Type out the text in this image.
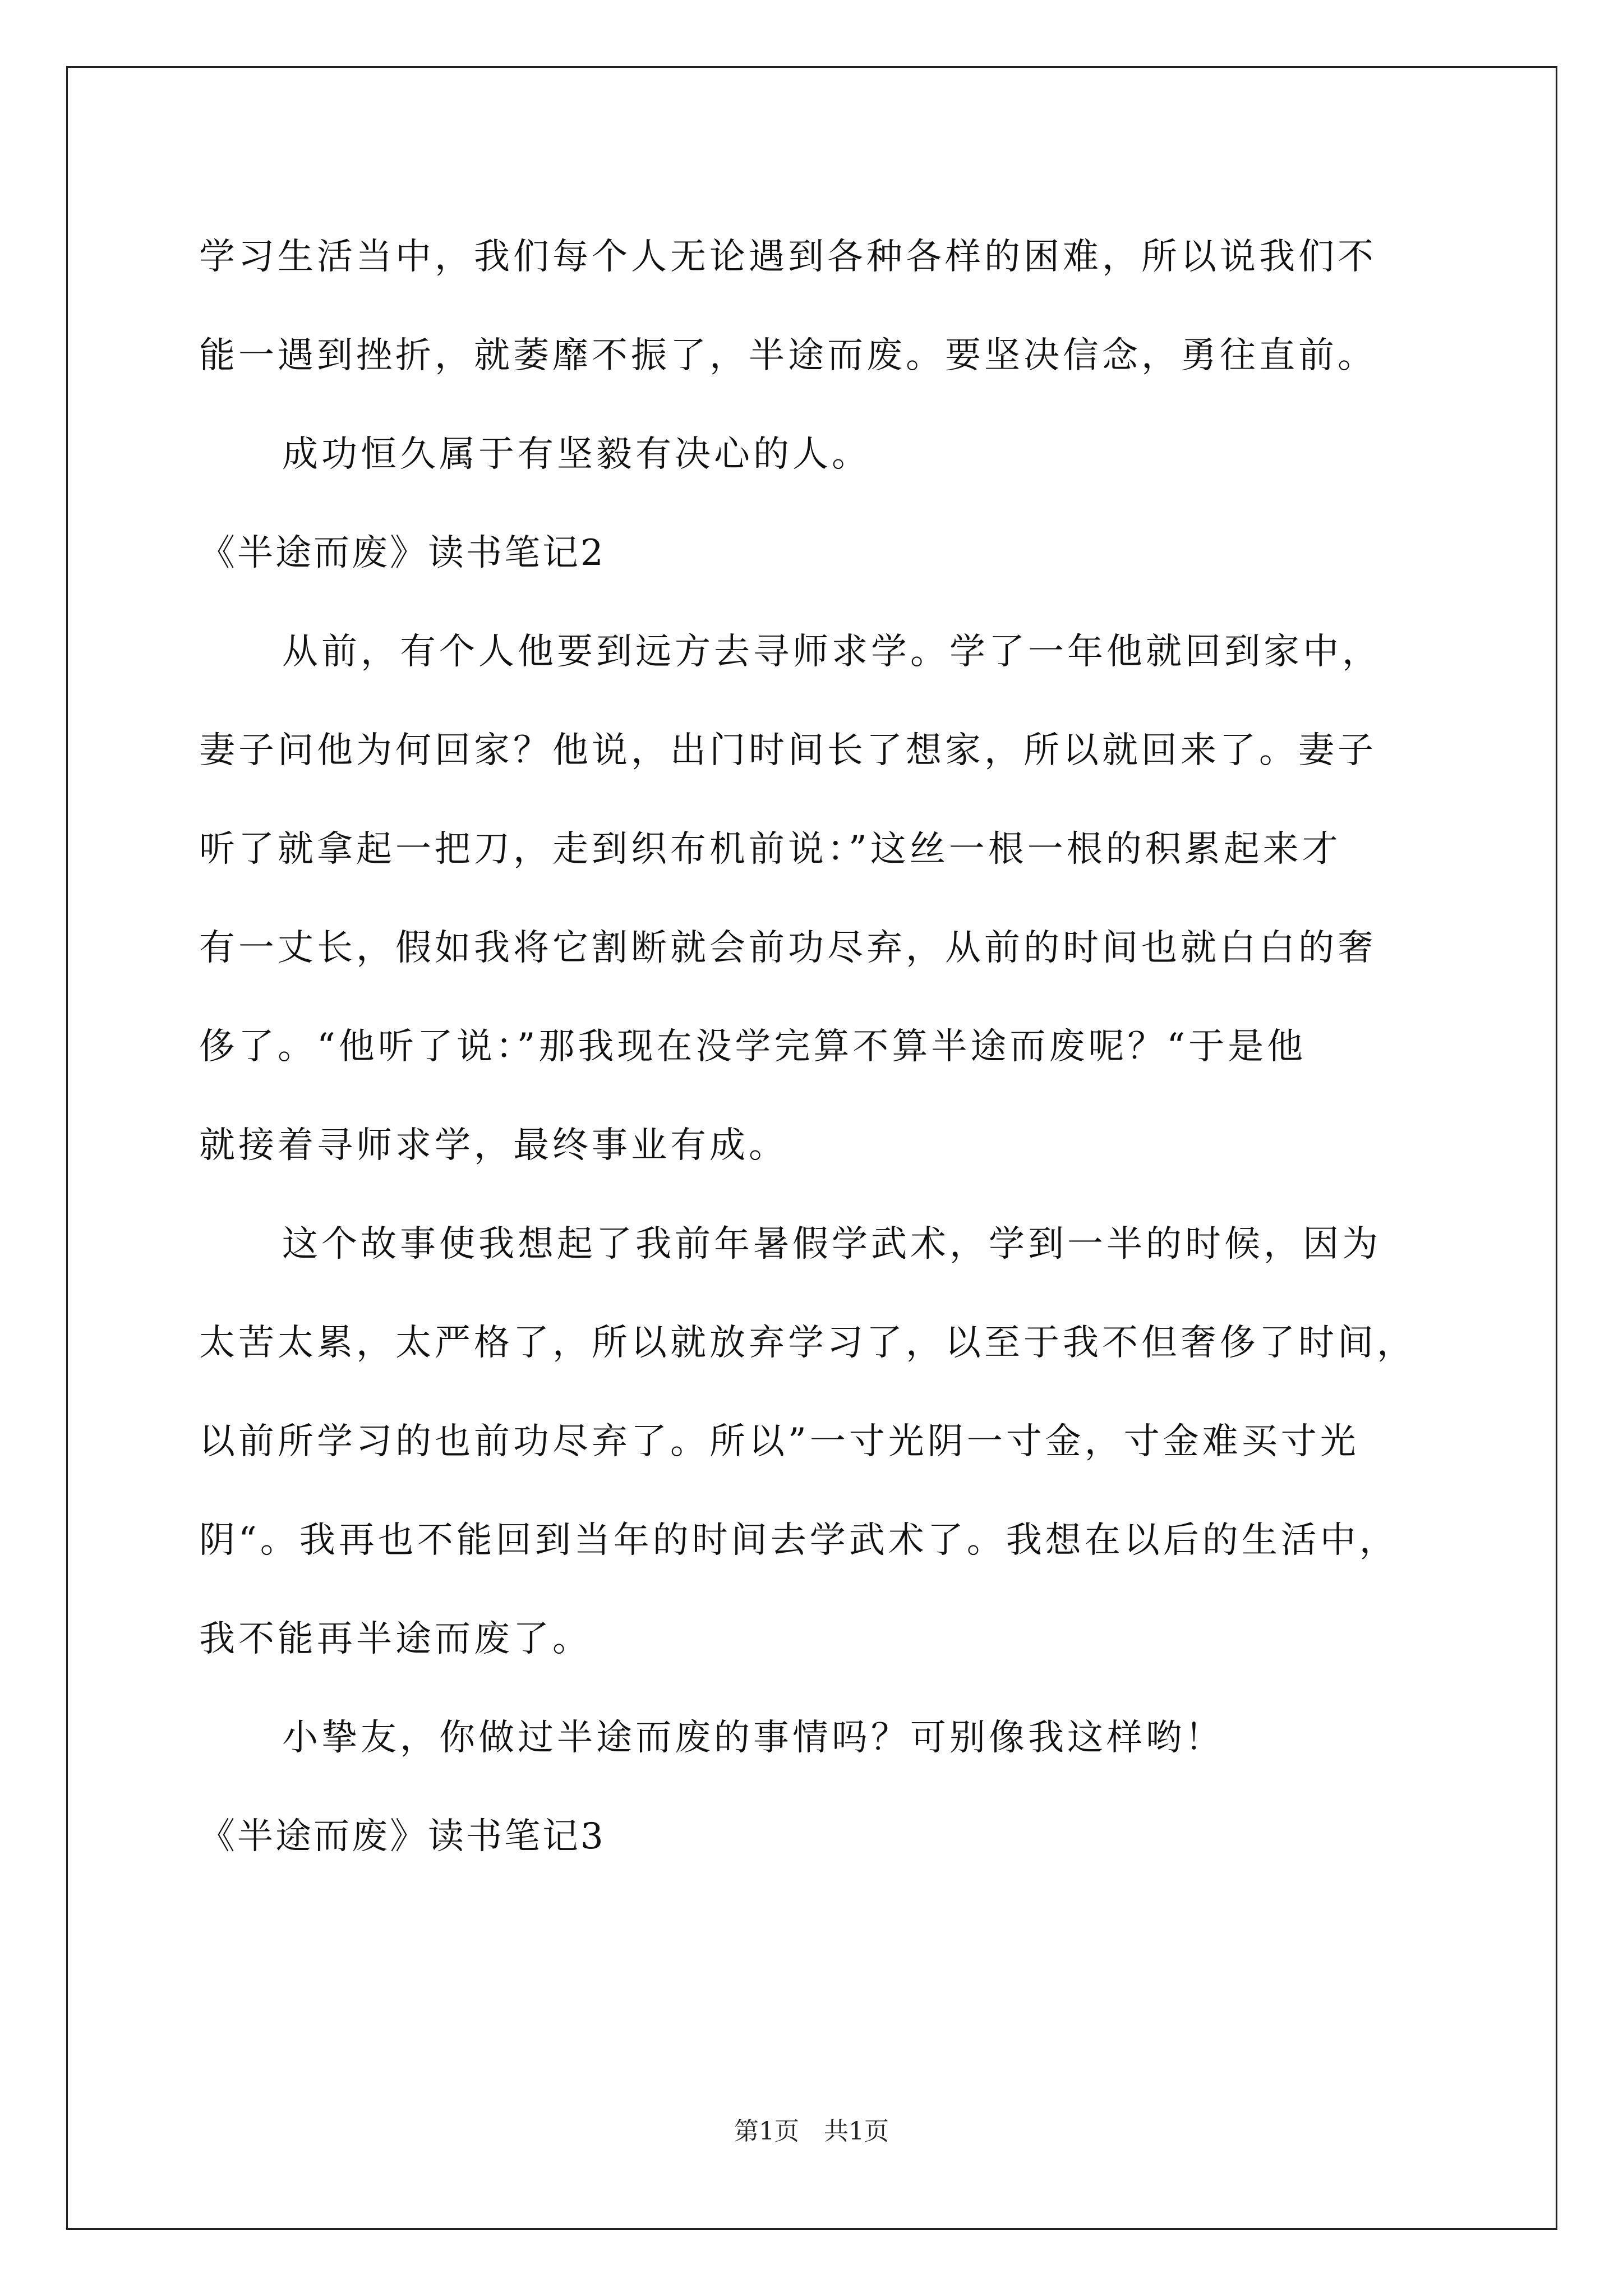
学习生活当中，我们每个人无论遇到各种各样的困难，所以说我们不
能一遇到挫折，就萎靡不振了，半途而废。要坚决信念，勇往直前。
成功恒久属于有坚毅有决心的人。
《半途而废》读书笔记2
从前，有个人他要到远方去寻师求学。学了一年他就回到家中，
妻子问他为何回家？他说，出门时间长了想家，所以就回来了。妻子
听了就拿起一把刀，走到织布机前说：”这丝一根一根的积累起来才
有一丈长，假如我将它割断就会前功尽弃，从前的时间也就白白的奢
侈了。“他听了说：”那我现在没学完算不算半途而废呢？“于是他
就接着寻师求学，最终事业有成。
这个故事使我想起了我前年暑假学武术，学到一半的时候，因为
太苦太累，太严格了，所以就放弃学习了，以至于我不但奢侈了时间，
以前所学习的也前功尽弃了。所以”一寸光阴一寸金，寸金难买寸光
阴“。我再也不能回到当年的时间去学武术了。我想在以后的生活中，
我不能再半途而废了。
小挚友，你做过半途而废的事情吗？可别像我这样哟！
《半途而废》读书笔记3
第1页　共1页
